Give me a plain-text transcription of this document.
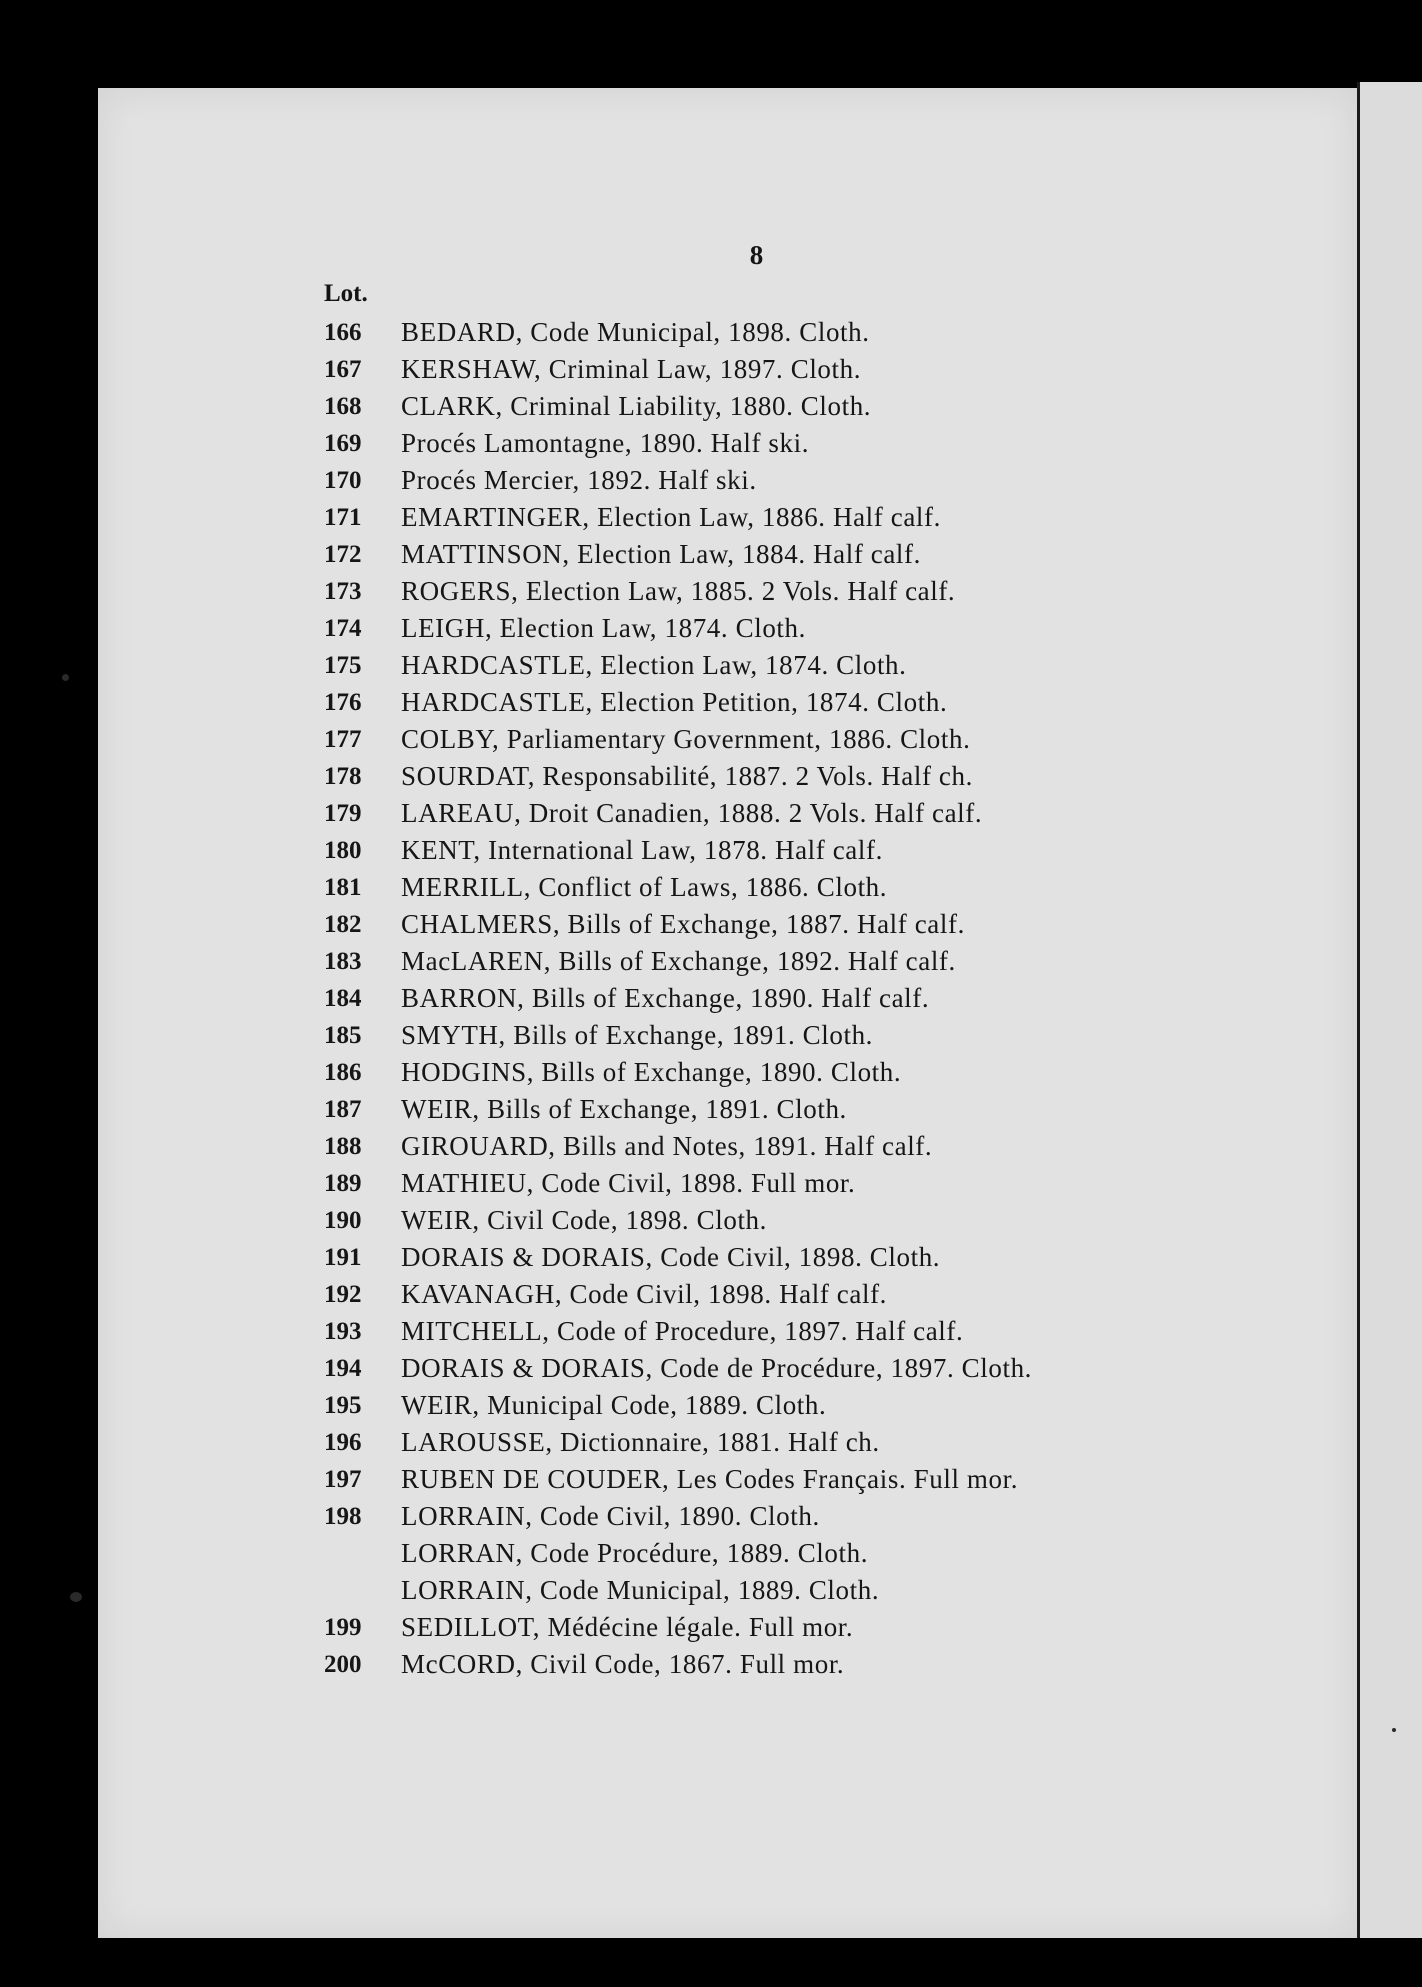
8
Lot.
166	BEDARD, Code Municipal, 1898. Cloth.
167	KERSHAW, Criminal Law, 1897. Cloth.
168	CLARK, Criminal Liability, 1880. Cloth.
169	Procés Lamontagne, 1890. Half ski.
170	Procés Mercier, 1892. Half ski.
171	EMARTINGER, Election Law, 1886. Half calf.
172	MATTINSON, Election Law, 1884. Half calf.
173	ROGERS, Election Law, 1885. 2 Vols. Half calf.
174	LEIGH, Election Law, 1874. Cloth.
175	HARDCASTLE, Election Law, 1874. Cloth.
176	HARDCASTLE, Election Petition, 1874. Cloth.
177	COLBY, Parliamentary Government, 1886. Cloth.
178	SOURDAT, Responsabilité, 1887. 2 Vols. Half ch.
179	LAREAU, Droit Canadien, 1888. 2 Vols. Half calf.
180	KENT, International Law, 1878. Half calf.
181	MERRILL, Conflict of Laws, 1886. Cloth.
182	CHALMERS, Bills of Exchange, 1887. Half calf.
183	MacLAREN, Bills of Exchange, 1892. Half calf.
184	BARRON, Bills of Exchange, 1890. Half calf.
185	SMYTH, Bills of Exchange, 1891. Cloth.
186	HODGINS, Bills of Exchange, 1890. Cloth.
187	WEIR, Bills of Exchange, 1891. Cloth.
188	GIROUARD, Bills and Notes, 1891. Half calf.
189	MATHIEU, Code Civil, 1898. Full mor.
190	WEIR, Civil Code, 1898. Cloth.
191	DORAIS & DORAIS, Code Civil, 1898. Cloth.
192	KAVANAGH, Code Civil, 1898. Half calf.
193	MITCHELL, Code of Procedure, 1897. Half calf.
194	DORAIS & DORAIS, Code de Procédure, 1897. Cloth.
195	WEIR, Municipal Code, 1889. Cloth.
196	LAROUSSE, Dictionnaire, 1881. Half ch.
197	RUBEN DE COUDER, Les Codes Français. Full mor.
198	LORRAIN, Code Civil, 1890. Cloth.
LORRAN, Code Procédure, 1889. Cloth.
LORRAIN, Code Municipal, 1889. Cloth.
199	SEDILLOT, Médécine légale. Full mor.
200	McCORD, Civil Code, 1867. Full mor.
